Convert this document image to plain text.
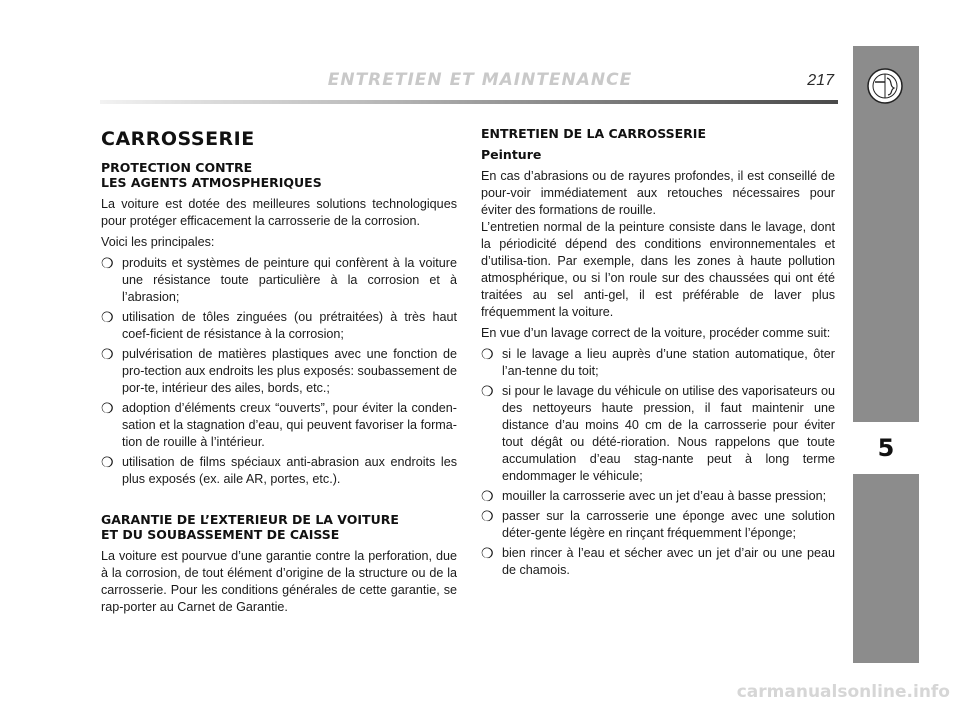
ENTRETIEN ET MAINTENANCE	217
5
CARROSSERIE
PROTECTION CONTRE
LES AGENTS ATMOSPHERIQUES

La voiture est dotée des meilleures solutions technologiques pour protéger efficacement la carrosserie de la corrosion.

Voici les principales:

❍ produits et systèmes de peinture qui confèrent à la voiture une résistance toute particulière à la corrosion et à l’abrasion;
❍ utilisation de tôles zinguées (ou prétraitées) à très haut coef-ficient de résistance à la corrosion;
❍ pulvérisation de matières plastiques avec une fonction de pro-tection aux endroits les plus exposés: soubassement de por-te, intérieur des ailes, bords, etc.;
❍ adoption d’éléments creux “ouverts”, pour éviter la conden-sation et la stagnation d’eau, qui peuvent favoriser la forma-tion de rouille à l’intérieur.
❍ utilisation de films spéciaux anti-abrasion aux endroits les plus exposés (ex. aile AR, portes, etc.).
GARANTIE DE L’EXTERIEUR DE LA VOITURE
ET DU SOUBASSEMENT DE CAISSE

La voiture est pourvue d’une garantie contre la perforation, due à la corrosion, de tout élément d’origine de la structure ou de la carrosserie. Pour les conditions générales de cette garantie, se rap-porter au Carnet de Garantie.

ENTRETIEN DE LA CARROSSERIE
Peinture

En cas d’abrasions ou de rayures profondes, il est conseillé de pour-voir immédiatement aux retouches nécessaires pour éviter des formations de rouille.

L’entretien normal de la peinture consiste dans le lavage, dont la périodicité dépend des conditions environnementales et d’utilisa-tion. Par exemple, dans les zones à haute pollution atmosphérique, ou si l’on roule sur des chaussées qui ont été traitées au sel anti-gel, il est préférable de laver plus fréquemment la voiture.

En vue d’un lavage correct de la voiture, procéder comme suit:

❍ si le lavage a lieu auprès d’une station automatique, ôter l’an-tenne du toit;
❍ si pour le lavage du véhicule on utilise des vaporisateurs ou des nettoyeurs haute pression, il faut maintenir une distance d’au moins 40 cm de la carrosserie pour éviter tout dégât ou dété-rioration. Nous rappelons que toute accumulation d’eau stag-nante peut à long terme endommager le véhicule;
❍ mouiller la carrosserie avec un jet d’eau à basse pression;
❍ passer sur la carrosserie une éponge avec une solution déter-gente légère en rinçant fréquemment l’éponge;
❍ bien rincer à l’eau et sécher avec un jet d’air ou une peau de chamois.
carmanualsonline.info
